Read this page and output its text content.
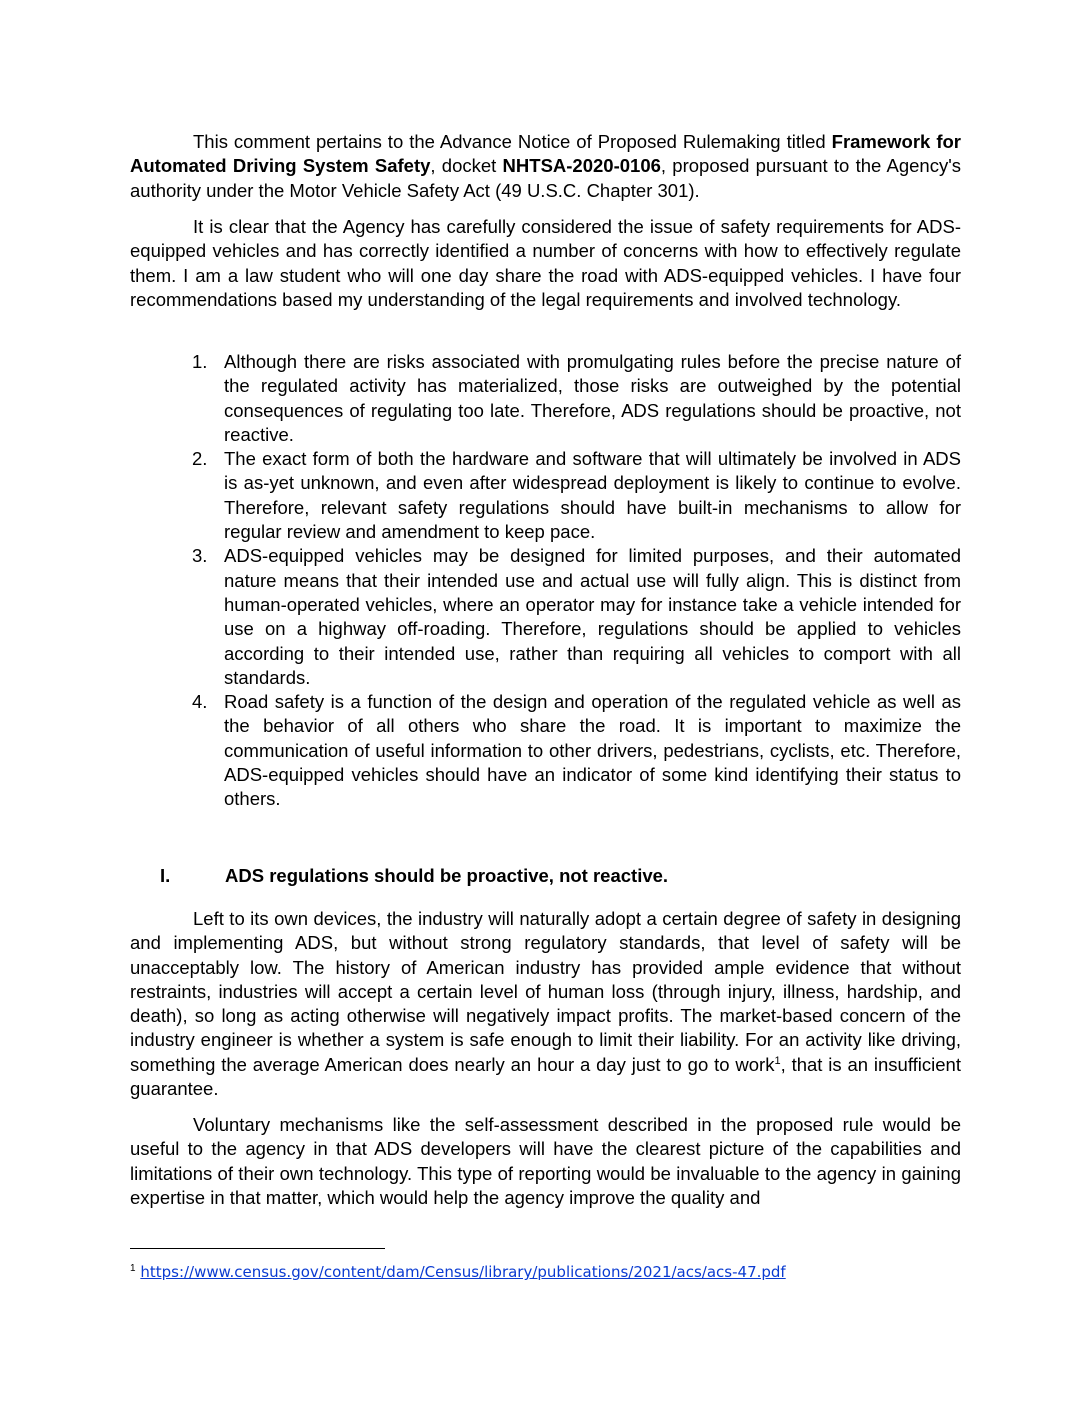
This comment pertains to the Advance Notice of Proposed Rulemaking titled Framework for Automated Driving System Safety, docket NHTSA-2020-0106, proposed pursuant to the Agency's authority under the Motor Vehicle Safety Act (49 U.S.C. Chapter 301).

It is clear that the Agency has carefully considered the issue of safety requirements for ADS-equipped vehicles and has correctly identified a number of concerns with how to effectively regulate them. I am a law student who will one day share the road with ADS-equipped vehicles. I have four recommendations based my understanding of the legal requirements and involved technology.

1. Although there are risks associated with promulgating rules before the precise nature of the regulated activity has materialized, those risks are outweighed by the potential consequences of regulating too late. Therefore, ADS regulations should be proactive, not reactive.
2. The exact form of both the hardware and software that will ultimately be involved in ADS is as-yet unknown, and even after widespread deployment is likely to continue to evolve. Therefore, relevant safety regulations should have built-in mechanisms to allow for regular review and amendment to keep pace.
3. ADS-equipped vehicles may be designed for limited purposes, and their automated nature means that their intended use and actual use will fully align. This is distinct from human-operated vehicles, where an operator may for instance take a vehicle intended for use on a highway off-roading. Therefore, regulations should be applied to vehicles according to their intended use, rather than requiring all vehicles to comport with all standards.
4. Road safety is a function of the design and operation of the regulated vehicle as well as the behavior of all others who share the road. It is important to maximize the communication of useful information to other drivers, pedestrians, cyclists, etc. Therefore, ADS-equipped vehicles should have an indicator of some kind identifying their status to others.
I.	ADS regulations should be proactive, not reactive.

Left to its own devices, the industry will naturally adopt a certain degree of safety in designing and implementing ADS, but without strong regulatory standards, that level of safety will be unacceptably low. The history of American industry has provided ample evidence that without restraints, industries will accept a certain level of human loss (through injury, illness, hardship, and death), so long as acting otherwise will negatively impact profits. The market-based concern of the industry engineer is whether a system is safe enough to limit their liability. For an activity like driving, something the average American does nearly an hour a day just to go to work$^1$, that is an insufficient guarantee.

Voluntary mechanisms like the self-assessment described in the proposed rule would be useful to the agency in that ADS developers will have the clearest picture of the capabilities and limitations of their own technology. This type of reporting would be invaluable to the agency in gaining expertise in that matter, which would help the agency improve the quality and

$^1$ https://www.census.gov/content/dam/Census/library/publications/2021/acs/acs-47.pdf
